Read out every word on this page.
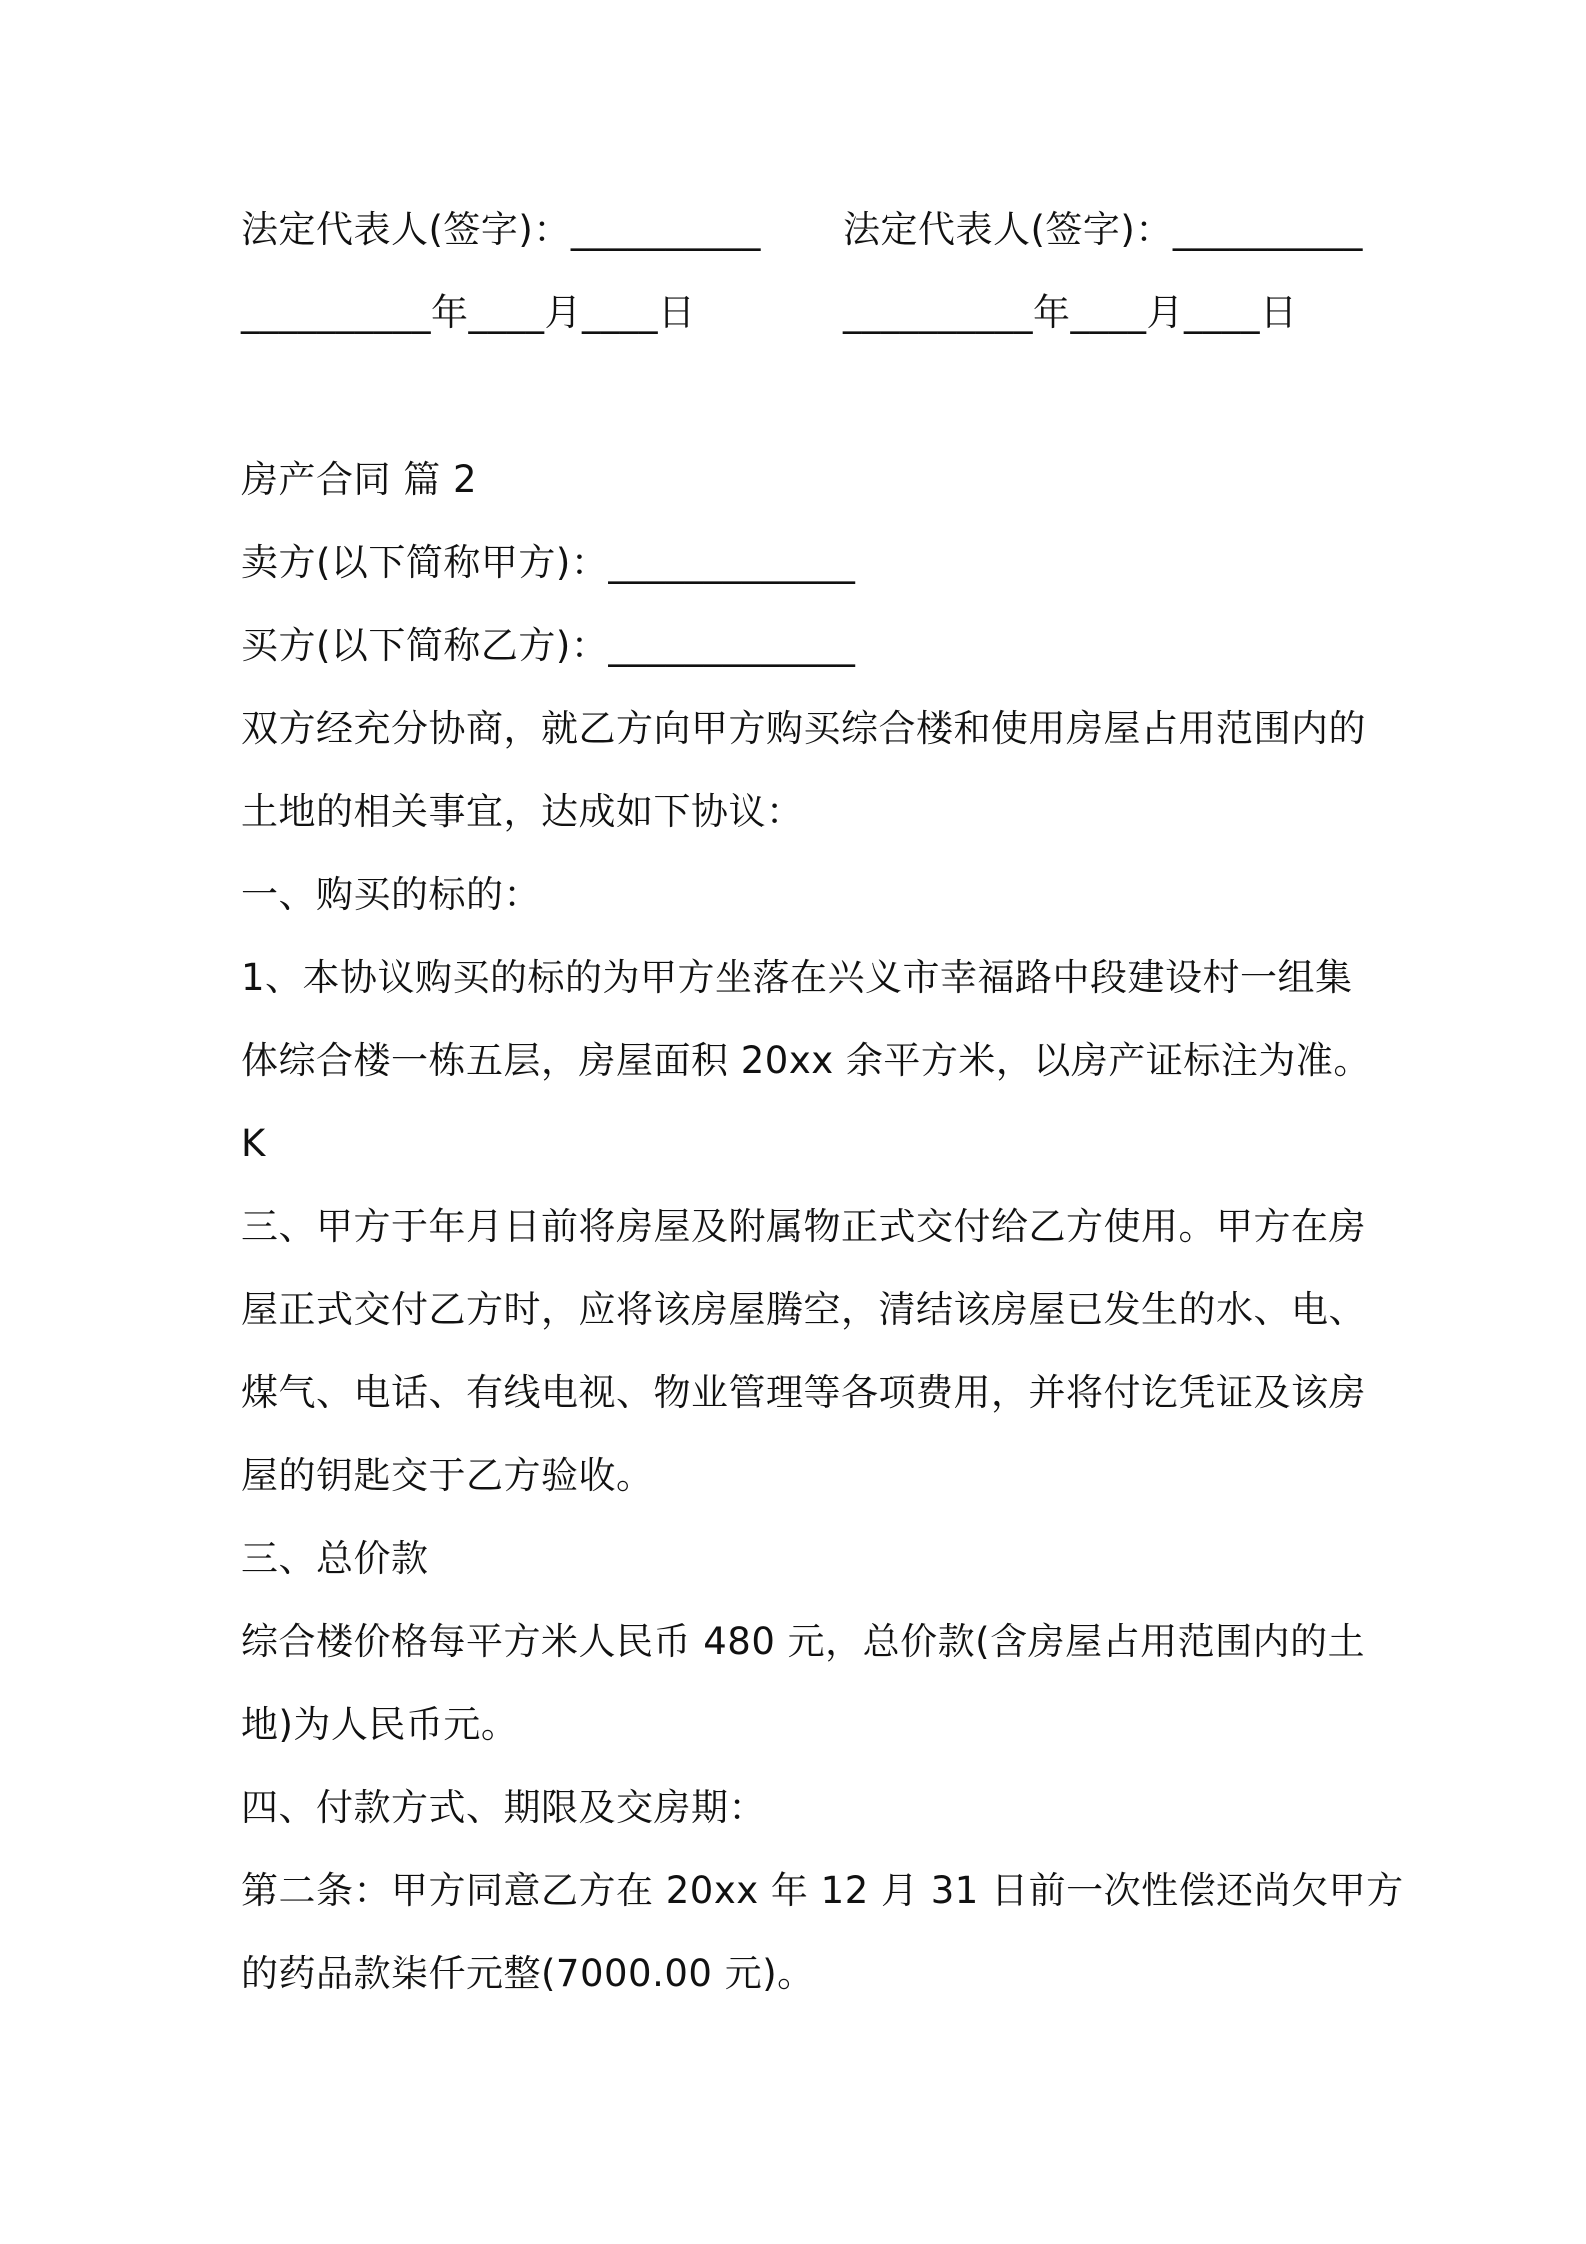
法定代表人(签字)：__________ 法定代表人(签字)：__________
__________年____月____日	__________年____月____日
房产合同 篇 2
卖方(以下简称甲方)：_____________
买方(以下简称乙方)：_____________
双方经充分协商，就乙方向甲方购买综合楼和使用房屋占用范围内的
土地的相关事宜，达成如下协议：
一、购买的标的：
1、本协议购买的标的为甲方坐落在兴义市幸福路中段建设村一组集
体综合楼一栋五层，房屋面积 20xx 余平方米，以房产证标注为准。
K
三、甲方于年月日前将房屋及附属物正式交付给乙方使用。甲方在房
屋正式交付乙方时，应将该房屋腾空，清结该房屋已发生的水、电、
煤气、电话、有线电视、物业管理等各项费用，并将付讫凭证及该房
屋的钥匙交于乙方验收。
三、总价款
综合楼价格每平方米人民币 480 元，总价款(含房屋占用范围内的土
地)为人民币元。
四、付款方式、期限及交房期：
第二条：甲方同意乙方在 20xx 年 12 月 31 日前一次性偿还尚欠甲方
的药品款柒仟元整(7000.00 元)。
